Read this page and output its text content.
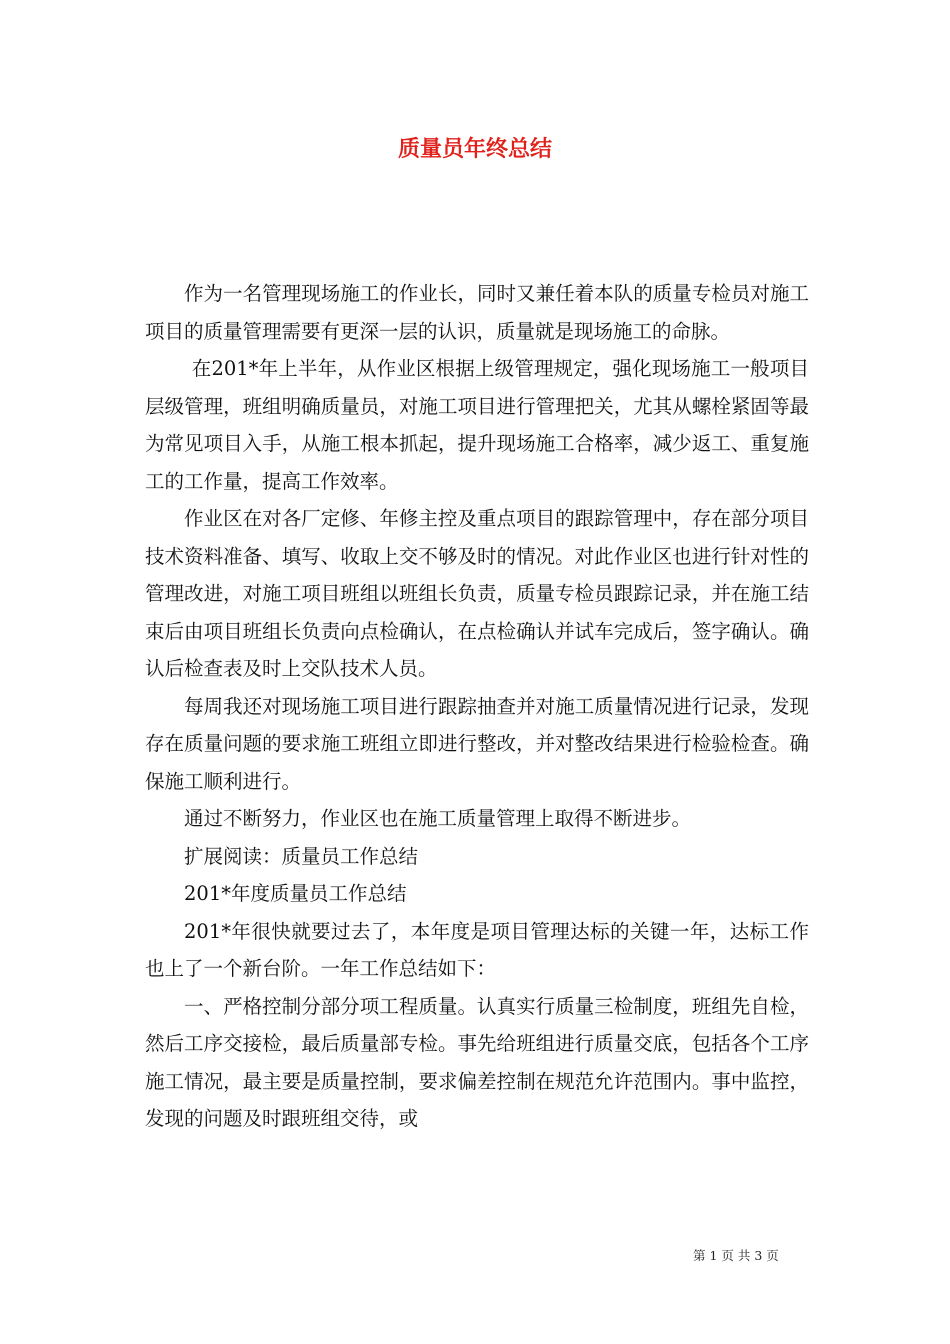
质量员年终总结

作为一名管理现场施工的作业长，同时又兼任着本队的质量专检员对施工项目的质量管理需要有更深一层的认识，质量就是现场施工的命脉。

在201*年上半年，从作业区根据上级管理规定，强化现场施工一般项目层级管理，班组明确质量员，对施工项目进行管理把关，尤其从螺栓紧固等最为常见项目入手，从施工根本抓起，提升现场施工合格率，减少返工、重复施工的工作量，提高工作效率。

作业区在对各厂定修、年修主控及重点项目的跟踪管理中，存在部分项目技术资料准备、填写、收取上交不够及时的情况。对此作业区也进行针对性的管理改进，对施工项目班组以班组长负责，质量专检员跟踪记录，并在施工结束后由项目班组长负责向点检确认，在点检确认并试车完成后，签字确认。确认后检查表及时上交队技术人员。

每周我还对现场施工项目进行跟踪抽查并对施工质量情况进行记录，发现存在质量问题的要求施工班组立即进行整改，并对整改结果进行检验检查。确保施工顺利进行。

通过不断努力，作业区也在施工质量管理上取得不断进步。

扩展阅读：质量员工作总结

201*年度质量员工作总结

201*年很快就要过去了，本年度是项目管理达标的关键一年，达标工作也上了一个新台阶。一年工作总结如下：

一、严格控制分部分项工程质量。认真实行质量三检制度，班组先自检，然后工序交接检，最后质量部专检。事先给班组进行质量交底，包括各个工序施工情况，最主要是质量控制，要求偏差控制在规范允许范围内。事中监控，发现的问题及时跟班组交待，或

第 1 页 共 3 页
